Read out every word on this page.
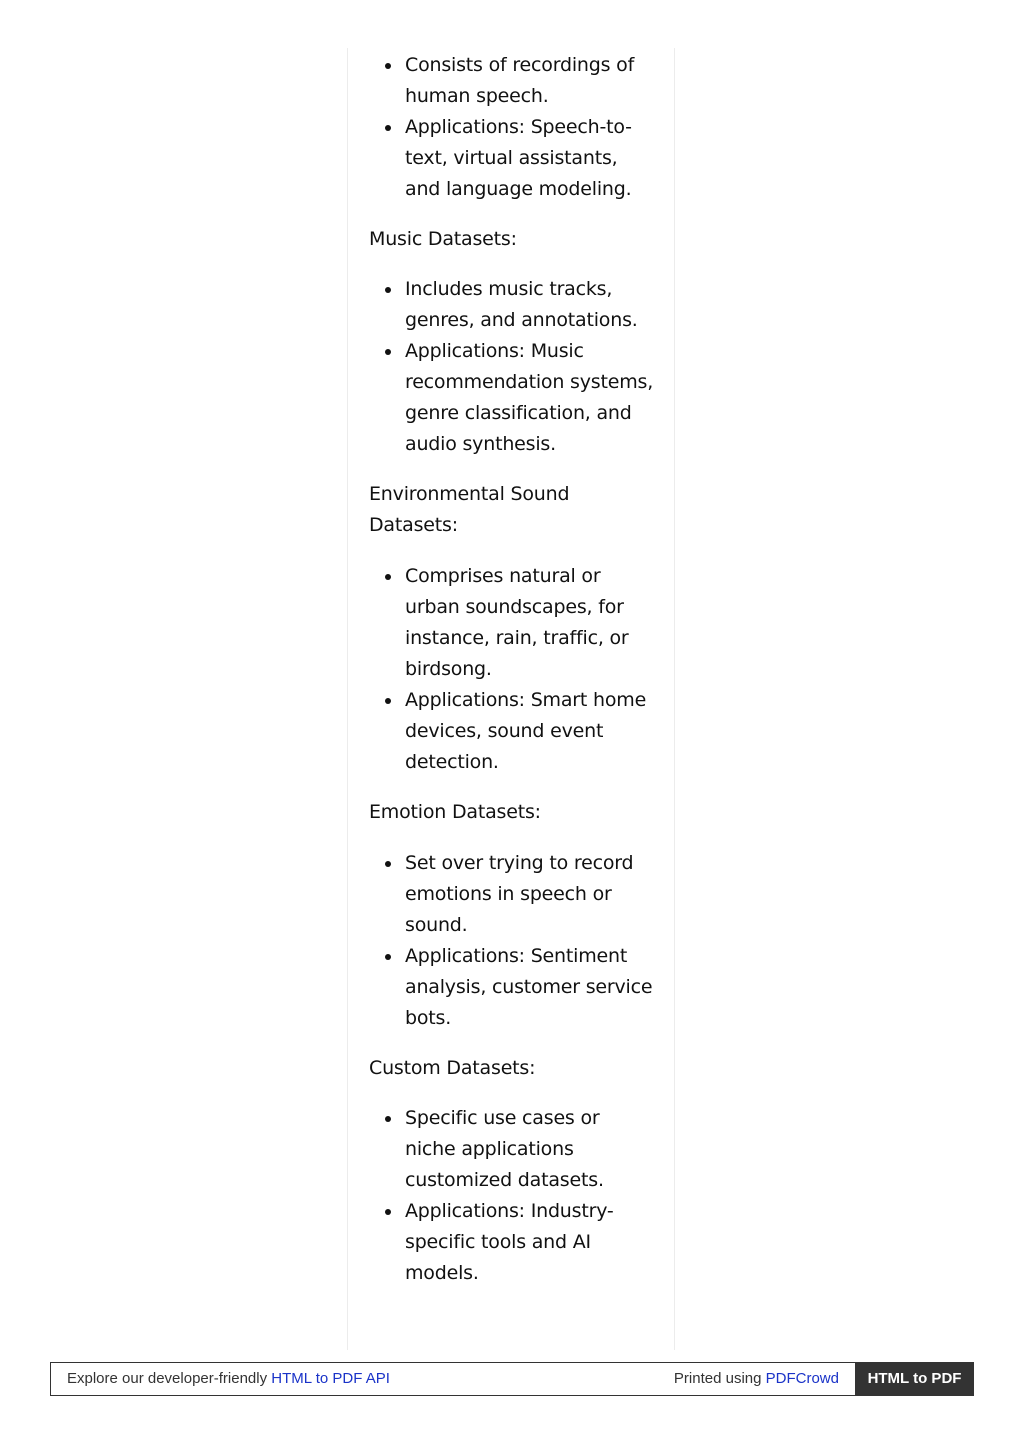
Consists of recordings of human speech.
Applications: Speech-to-text, virtual assistants, and language modeling.
Music Datasets:
Includes music tracks, genres, and annotations.
Applications: Music recommendation systems, genre classification, and audio synthesis.
Environmental Sound Datasets:
Comprises natural or urban soundscapes, for instance, rain, traffic, or birdsong.
Applications: Smart home devices, sound event detection.
Emotion Datasets:
Set over trying to record emotions in speech or sound.
Applications: Sentiment analysis, customer service bots.
Custom Datasets:
Specific use cases or niche applications customized datasets.
Applications: Industry-specific tools and AI models.
Explore our developer-friendly HTML to PDF API	Printed using PDFCrowd	HTML to PDF
